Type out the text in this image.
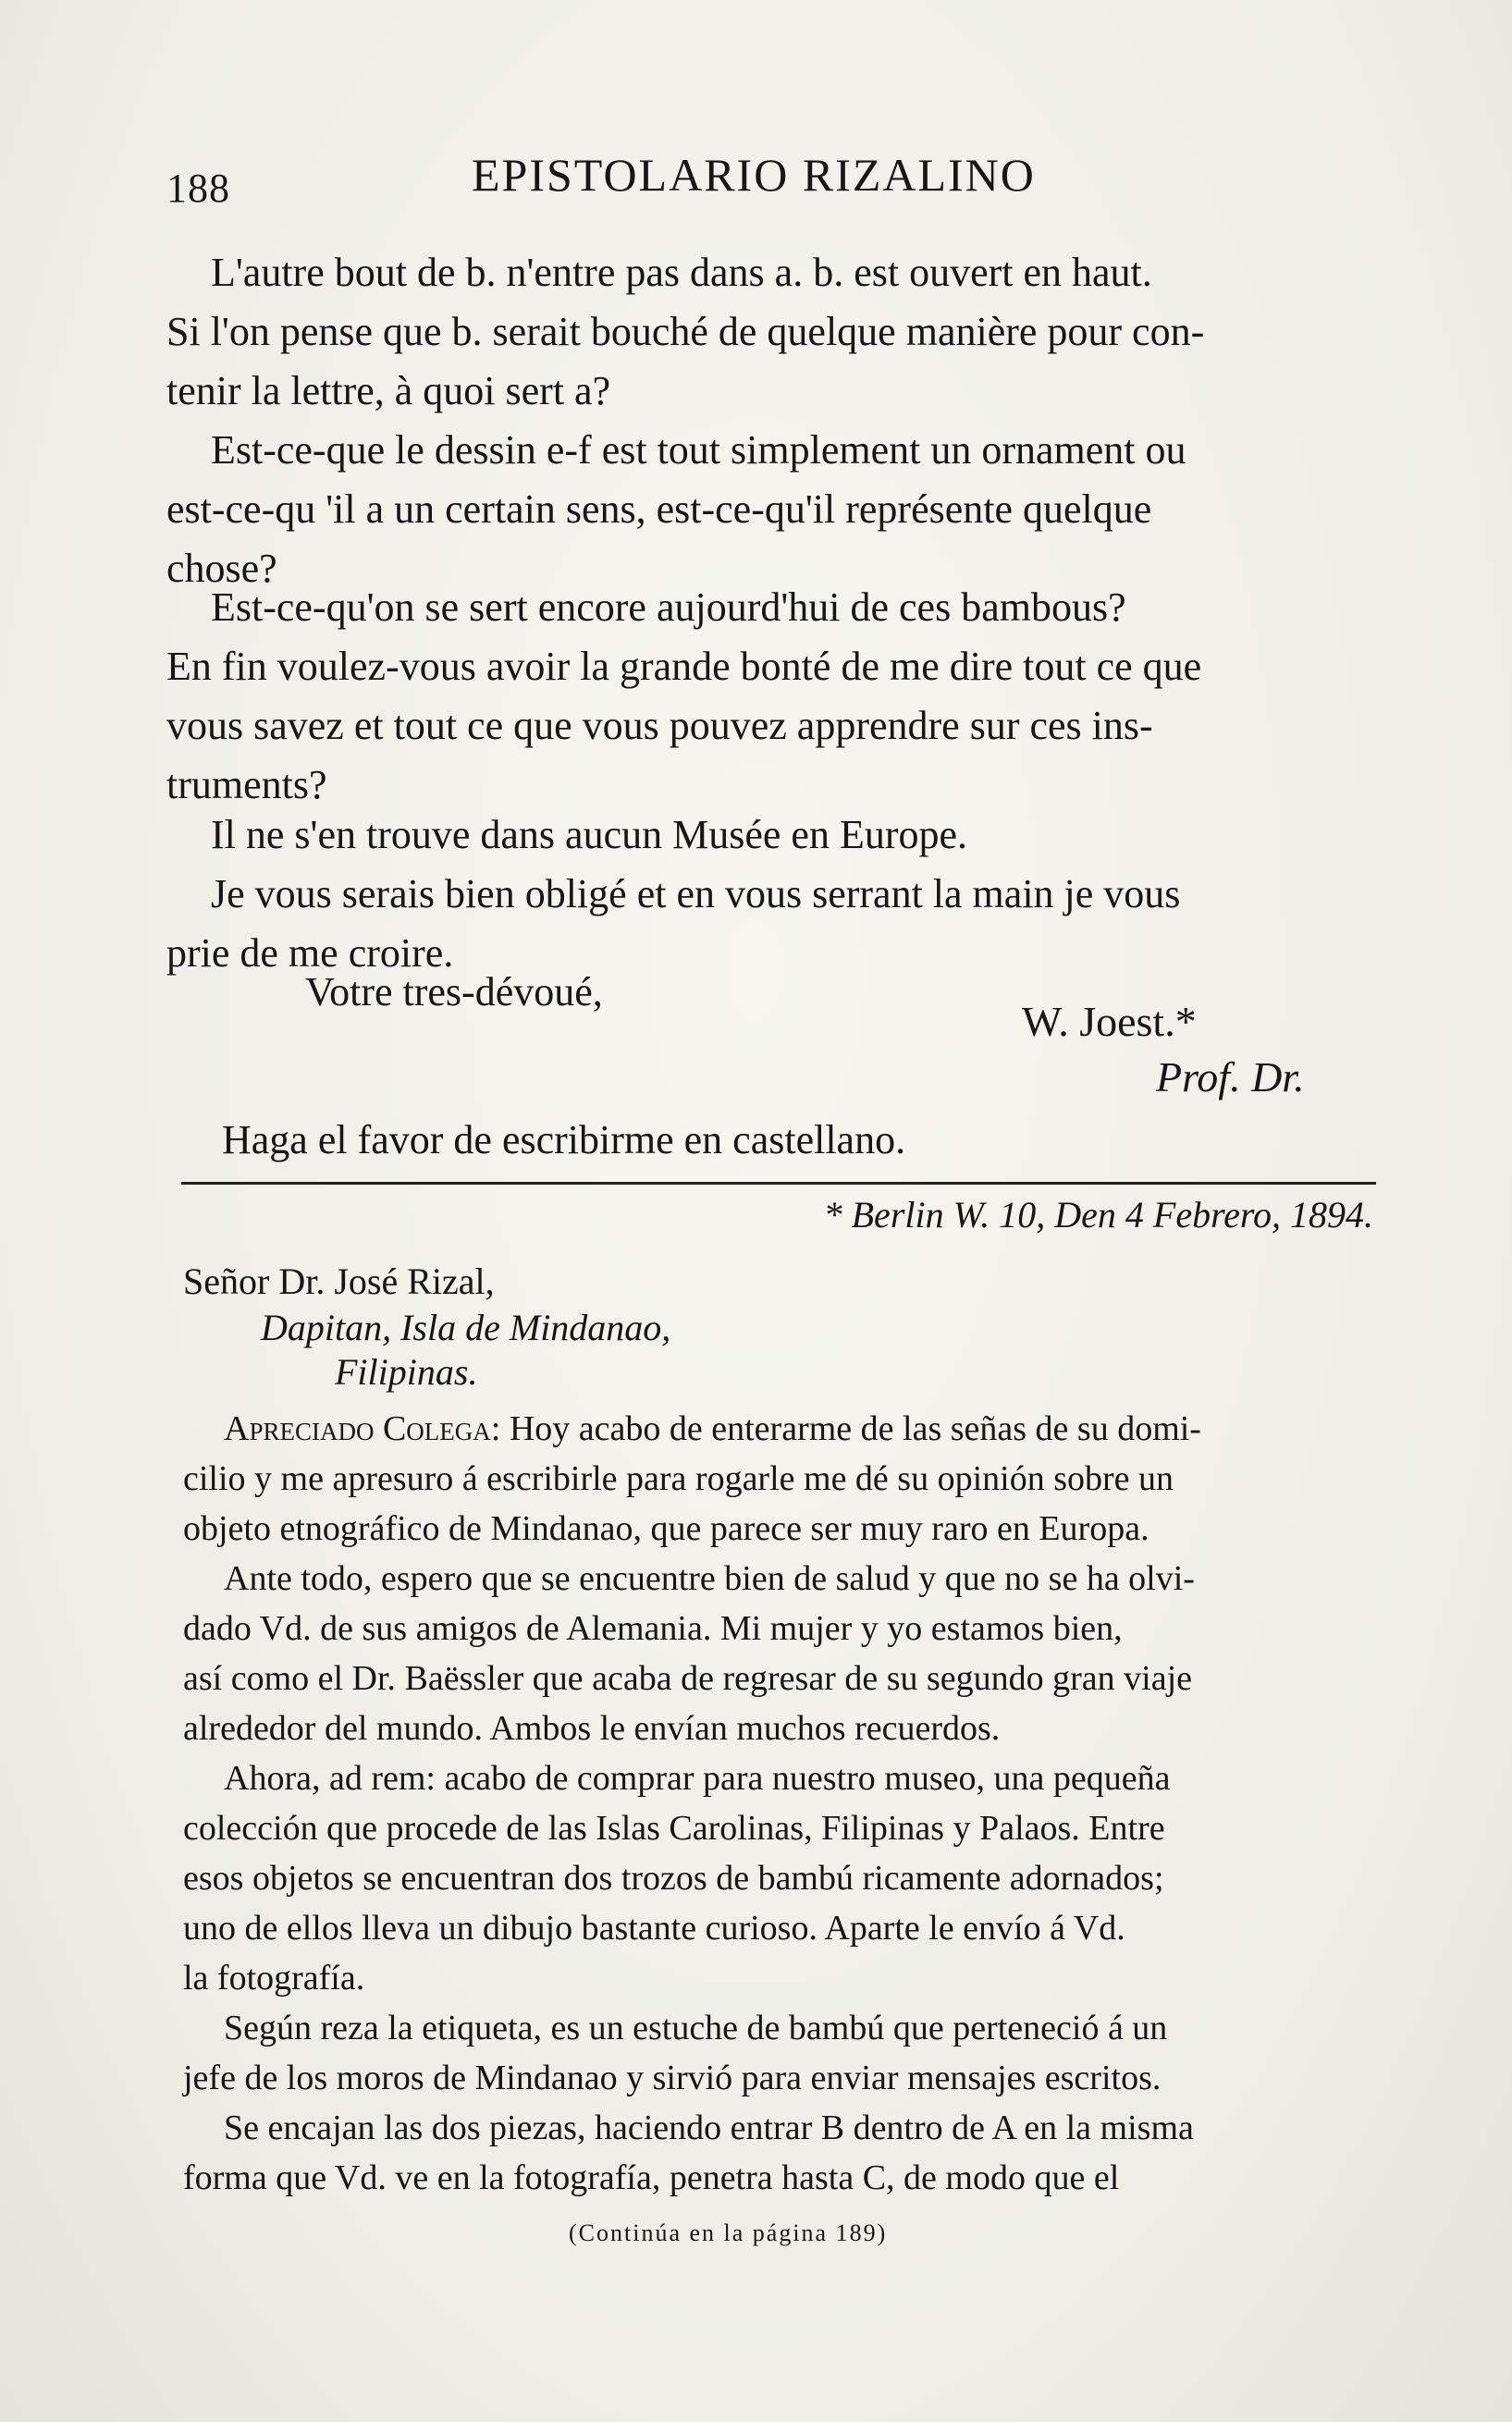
188	EPISTOLARIO RIZALINO
L'autre bout de b. n'entre pas dans a. b. est ouvert en haut.
Si l'on pense que b. serait bouché de quelque manière pour con-
tenir la lettre, à quoi sert a?
Est-ce-que le dessin e-f est tout simplement un ornament ou
est-ce-qu 'il a un certain sens, est-ce-qu'il représente quelque
chose?
Est-ce-qu'on se sert encore aujourd'hui de ces bambous?
En fin voulez-vous avoir la grande bonté de me dire tout ce que
vous savez et tout ce que vous pouvez apprendre sur ces ins-
truments?
Il ne s'en trouve dans aucun Musée en Europe.
Je vous serais bien obligé et en vous serrant la main je vous
prie de me croire.
Votre tres-dévoué,
W. Joest.*
Prof. Dr.
Haga el favor de escribirme en castellano.
* Berlin W. 10, Den 4 Febrero, 1894.
Señor Dr. José Rizal,
Dapitan, Isla de Mindanao,
Filipinas.
Apreciado Colega: Hoy acabo de enterarme de las señas de su domi-
cilio y me apresuro á escribirle para rogarle me dé su opinión sobre un
objeto etnográfico de Mindanao, que parece ser muy raro en Europa.
Ante todo, espero que se encuentre bien de salud y que no se ha olvi-
dado Vd. de sus amigos de Alemania. Mi mujer y yo estamos bien,
así como el Dr. Baëssler que acaba de regresar de su segundo gran viaje
alrededor del mundo. Ambos le envían muchos recuerdos.
Ahora, ad rem: acabo de comprar para nuestro museo, una pequeña
colección que procede de las Islas Carolinas, Filipinas y Palaos. Entre
esos objetos se encuentran dos trozos de bambú ricamente adornados;
uno de ellos lleva un dibujo bastante curioso. Aparte le envío á Vd.
la fotografía.
Según reza la etiqueta, es un estuche de bambú que perteneció á un
jefe de los moros de Mindanao y sirvió para enviar mensajes escritos.
Se encajan las dos piezas, haciendo entrar B dentro de A en la misma
forma que Vd. ve en la fotografía, penetra hasta C, de modo que el
(Continúa en la página 189)
